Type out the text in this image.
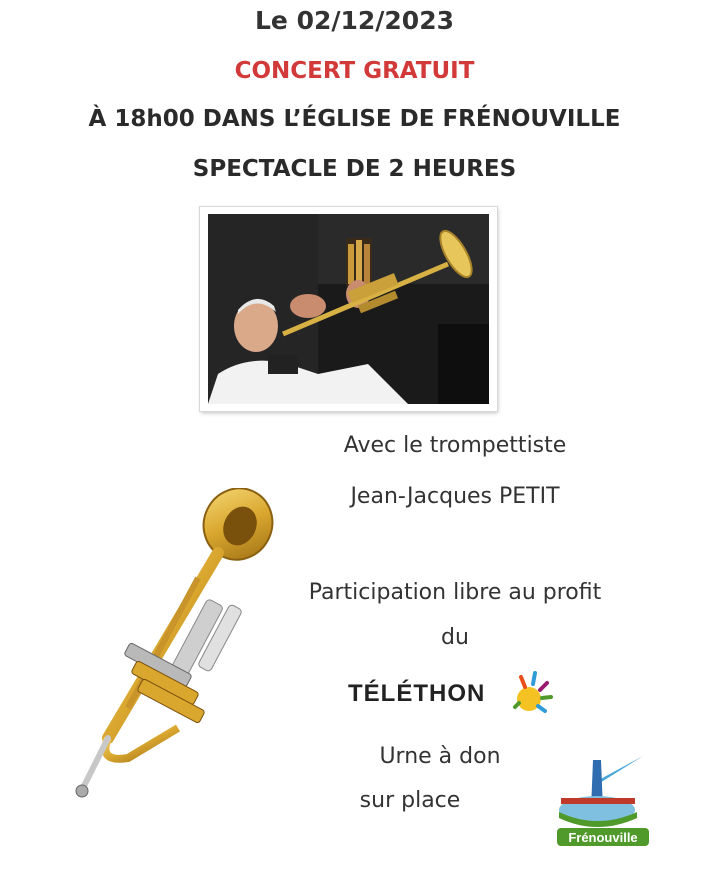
Le 02/12/2023
CONCERT GRATUIT
À 18h00 DANS L’ÉGLISE DE FRÉNOUVILLE
SPECTACLE DE 2 HEURES
Avec le trompettiste
Jean-Jacques PETIT
Participation libre au profit
du
TÉLÉTHON
Urne à don
sur place
Frénouville
